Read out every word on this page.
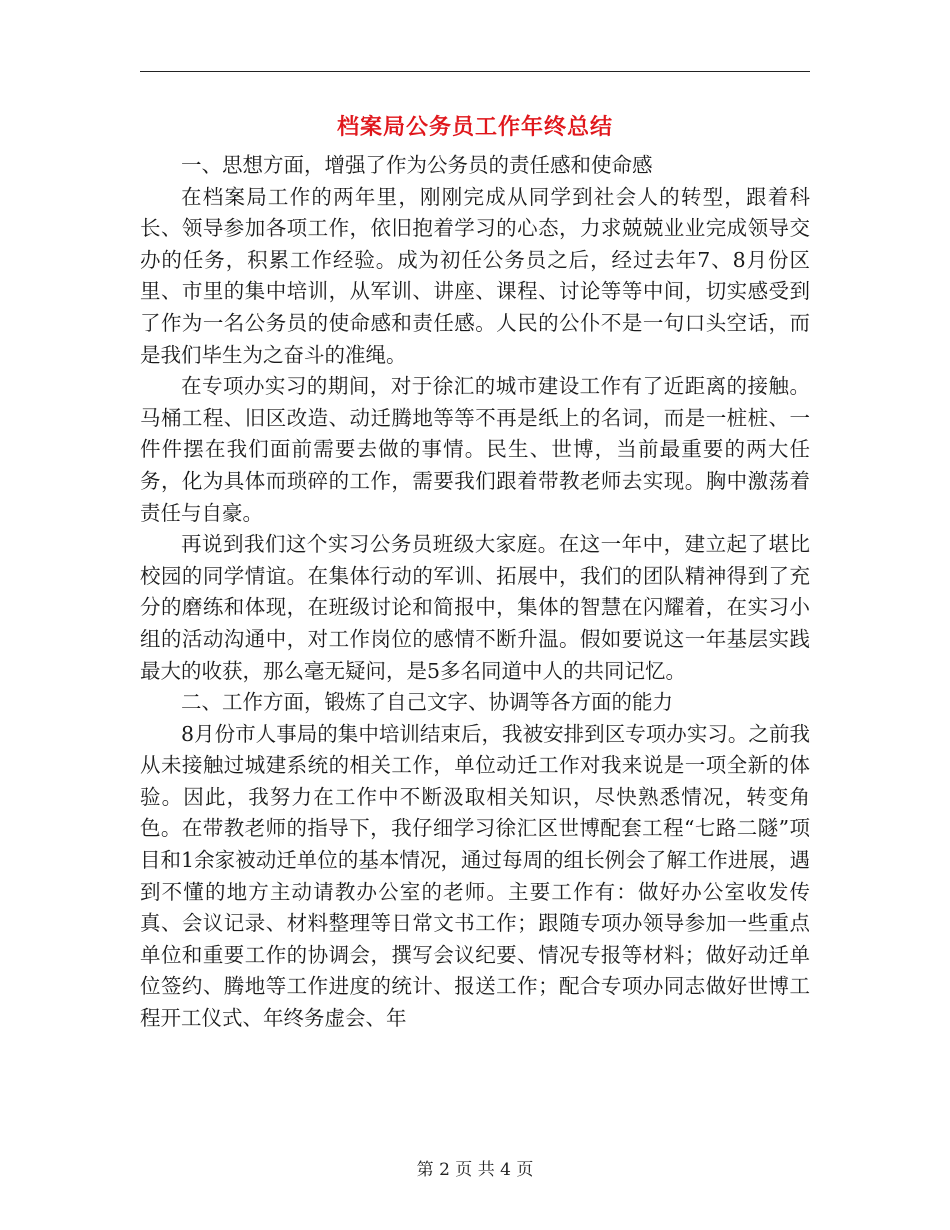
档案局公务员工作年终总结

一、思想方面，增强了作为公务员的责任感和使命感

在档案局工作的两年里，刚刚完成从同学到社会人的转型，跟着科长、领导参加各项工作，依旧抱着学习的心态，力求兢兢业业完成领导交办的任务，积累工作经验。成为初任公务员之后，经过去年7、8月份区里、市里的集中培训，从军训、讲座、课程、讨论等等中间，切实感受到了作为一名公务员的使命感和责任感。人民的公仆不是一句口头空话，而是我们毕生为之奋斗的准绳。

在专项办实习的期间，对于徐汇的城市建设工作有了近距离的接触。马桶工程、旧区改造、动迁腾地等等不再是纸上的名词，而是一桩桩、一件件摆在我们面前需要去做的事情。民生、世博，当前最重要的两大任务，化为具体而琐碎的工作，需要我们跟着带教老师去实现。胸中激荡着责任与自豪。

再说到我们这个实习公务员班级大家庭。在这一年中，建立起了堪比校园的同学情谊。在集体行动的军训、拓展中，我们的团队精神得到了充分的磨练和体现，在班级讨论和简报中，集体的智慧在闪耀着，在实习小组的活动沟通中，对工作岗位的感情不断升温。假如要说这一年基层实践最大的收获，那么毫无疑问，是5多名同道中人的共同记忆。

二、工作方面，锻炼了自己文字、协调等各方面的能力

8月份市人事局的集中培训结束后，我被安排到区专项办实习。之前我从未接触过城建系统的相关工作，单位动迁工作对我来说是一项全新的体验。因此，我努力在工作中不断汲取相关知识，尽快熟悉情况，转变角色。在带教老师的指导下，我仔细学习徐汇区世博配套工程“七路二隧”项目和1余家被动迁单位的基本情况，通过每周的组长例会了解工作进展，遇到不懂的地方主动请教办公室的老师。主要工作有：做好办公室收发传真、会议记录、材料整理等日常文书工作；跟随专项办领导参加一些重点单位和重要工作的协调会，撰写会议纪要、情况专报等材料；做好动迁单位签约、腾地等工作进度的统计、报送工作；配合专项办同志做好世博工程开工仪式、年终务虚会、年

第 2 页 共 4 页
